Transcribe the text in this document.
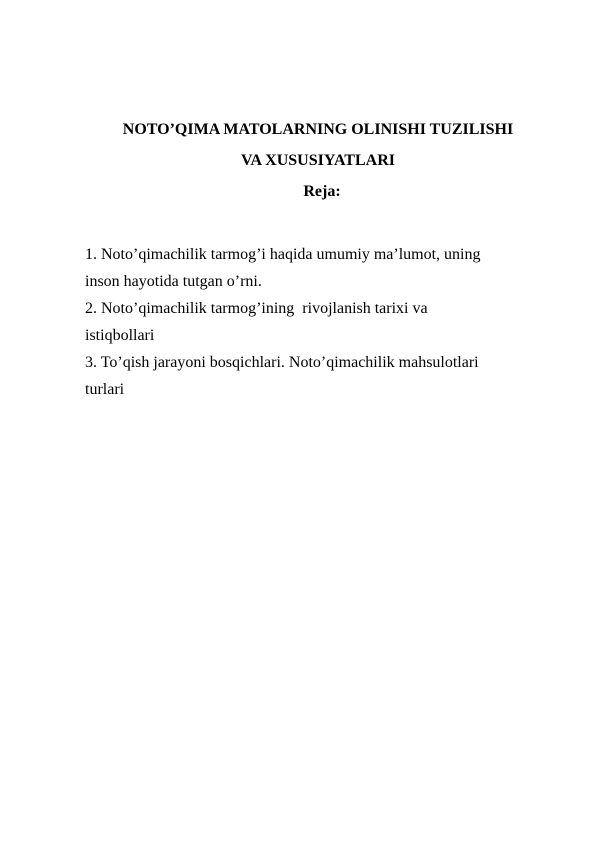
NOTO’QIMA MATOLARNING OLINISHI TUZILISHI
VA XUSUSIYATLARI
Reja:
1. Noto’qimachilik tarmog’i haqida umumiy ma’lumot, uning
inson hayotida tutgan o’rni.
2. Noto’qimachilik tarmog’ining  rivojlanish tarixi va
istiqbollari
3. To’qish jarayoni bosqichlari. Noto’qimachilik mahsulotlari
turlari
